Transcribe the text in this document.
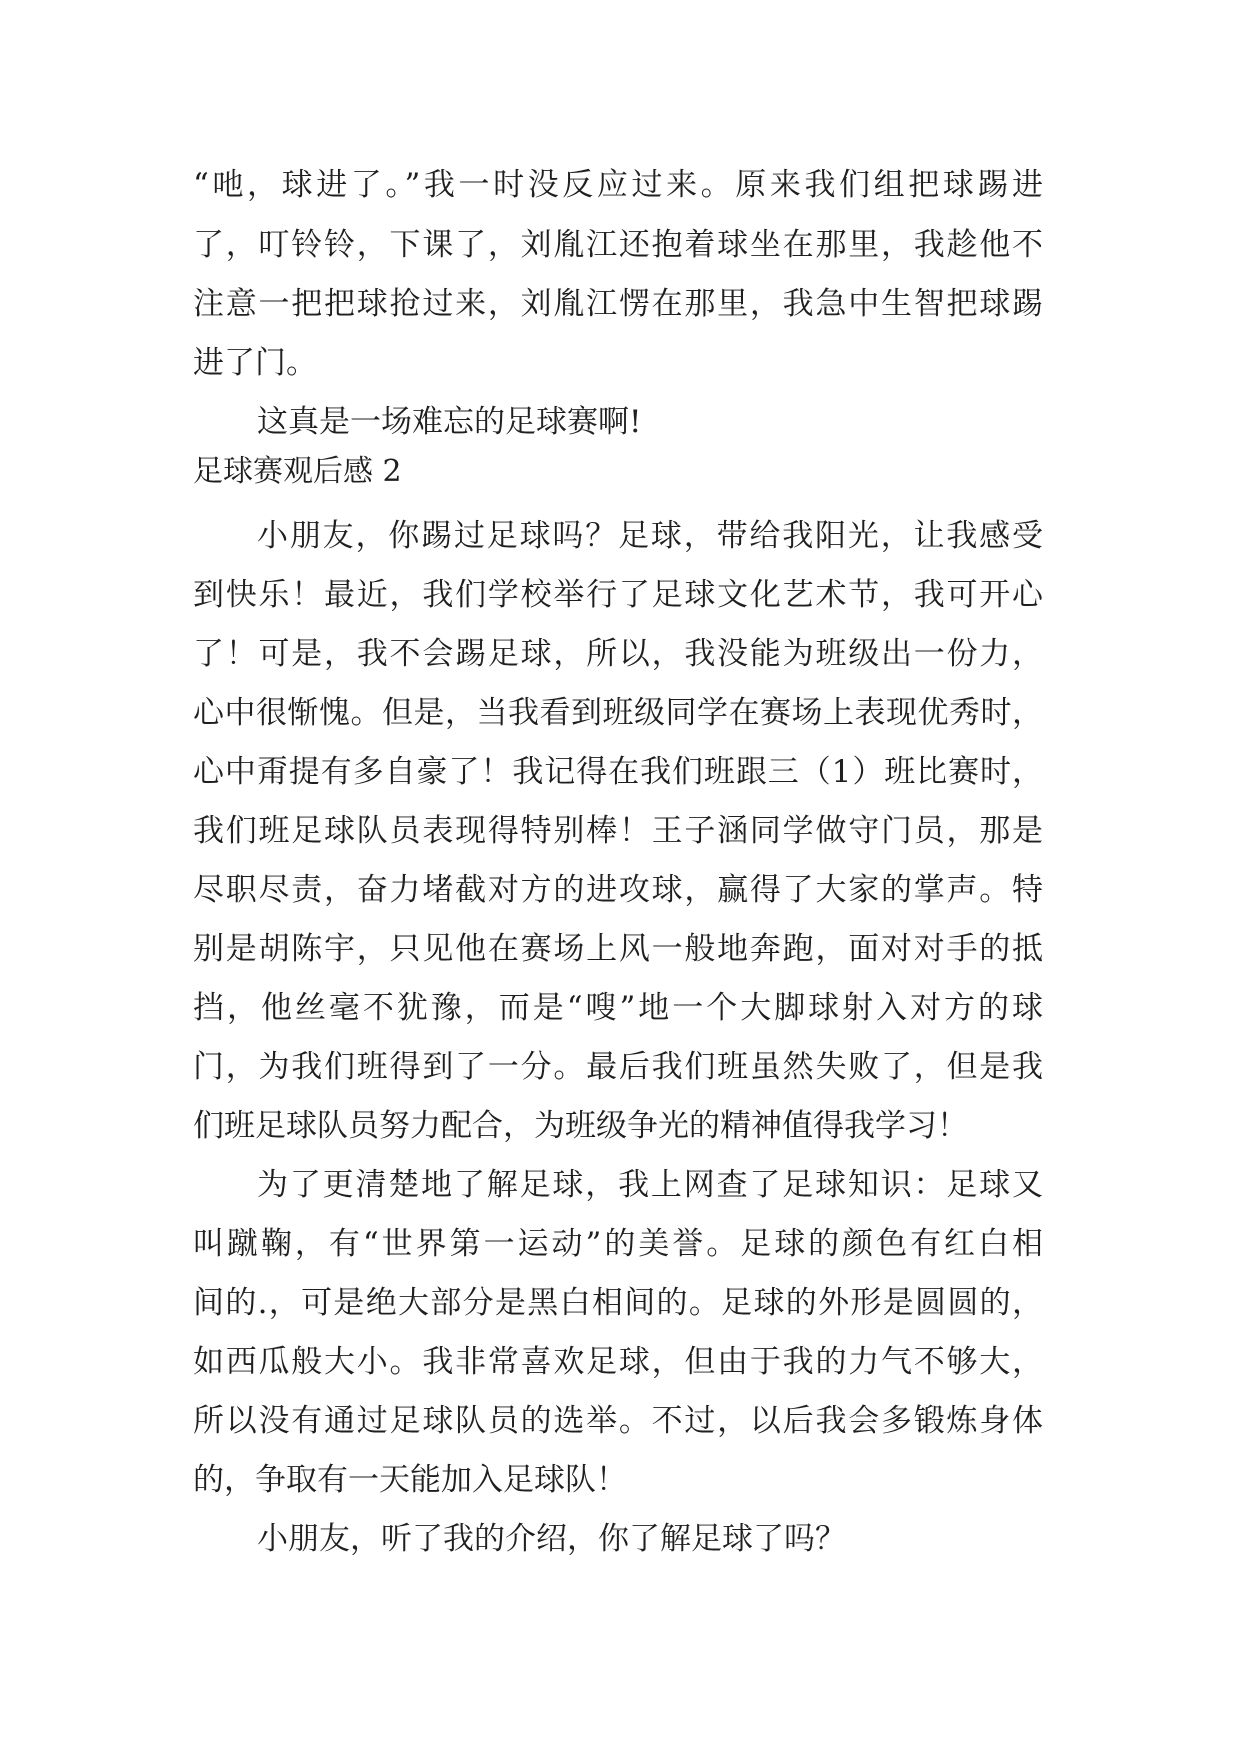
“吔，球进了。”我一时没反应过来。原来我们组把球踢进
了，叮铃铃，下课了，刘胤江还抱着球坐在那里，我趁他不
注意一把把球抢过来，刘胤江愣在那里，我急中生智把球踢
进了门。
这真是一场难忘的足球赛啊!
足球赛观后感 2
小朋友，你踢过足球吗？足球，带给我阳光，让我感受
到快乐！最近，我们学校举行了足球文化艺术节，我可开心
了！可是，我不会踢足球，所以，我没能为班级出一份力，
心中很惭愧。但是，当我看到班级同学在赛场上表现优秀时，
心中甭提有多自豪了！我记得在我们班跟三（1）班比赛时，
我们班足球队员表现得特别棒！王子涵同学做守门员，那是
尽职尽责，奋力堵截对方的进攻球，赢得了大家的掌声。特
别是胡陈宇，只见他在赛场上风一般地奔跑，面对对手的抵
挡，他丝毫不犹豫，而是“嗖”地一个大脚球射入对方的球
门，为我们班得到了一分。最后我们班虽然失败了，但是我
们班足球队员努力配合，为班级争光的精神值得我学习！
为了更清楚地了解足球，我上网查了足球知识：足球又
叫蹴鞠，有“世界第一运动”的美誉。足球的颜色有红白相
间的.，可是绝大部分是黑白相间的。足球的外形是圆圆的，
如西瓜般大小。我非常喜欢足球，但由于我的力气不够大，
所以没有通过足球队员的选举。不过，以后我会多锻炼身体
的，争取有一天能加入足球队！
小朋友，听了我的介绍，你了解足球了吗？
